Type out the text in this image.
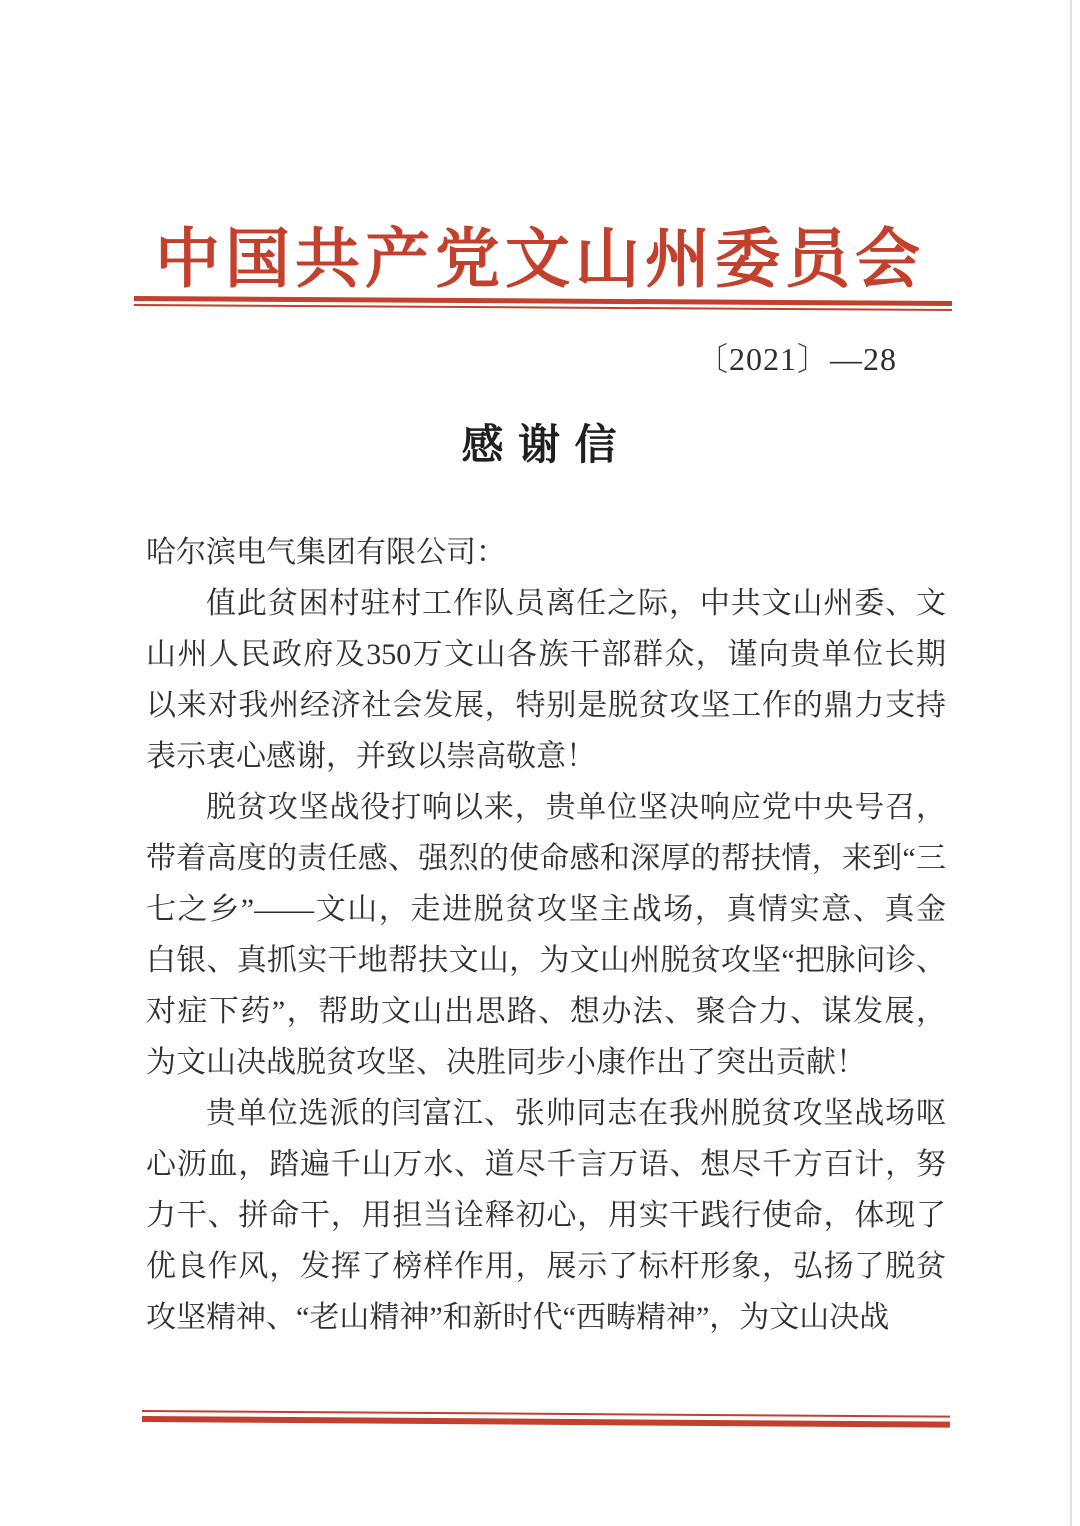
中国共产党文山州委员会
〔2021〕—28
感 谢 信
哈尔滨电气集团有限公司：
值此贫困村驻村工作队员离任之际，中共文山州委、文
山州人民政府及350万文山各族干部群众，谨向贵单位长期
以来对我州经济社会发展，特别是脱贫攻坚工作的鼎力支持
表示衷心感谢，并致以崇高敬意！
脱贫攻坚战役打响以来，贵单位坚决响应党中央号召，
带着高度的责任感、强烈的使命感和深厚的帮扶情，来到“三
七之乡”——文山，走进脱贫攻坚主战场，真情实意、真金
白银、真抓实干地帮扶文山，为文山州脱贫攻坚“把脉问诊、
对症下药”，帮助文山出思路、想办法、聚合力、谋发展，
为文山决战脱贫攻坚、决胜同步小康作出了突出贡献！
贵单位选派的闫富江、张帅同志在我州脱贫攻坚战场呕
心沥血，踏遍千山万水、道尽千言万语、想尽千方百计，努
力干、拼命干，用担当诠释初心，用实干践行使命，体现了
优良作风，发挥了榜样作用，展示了标杆形象，弘扬了脱贫
攻坚精神、“老山精神”和新时代“西畴精神”，为文山决战
